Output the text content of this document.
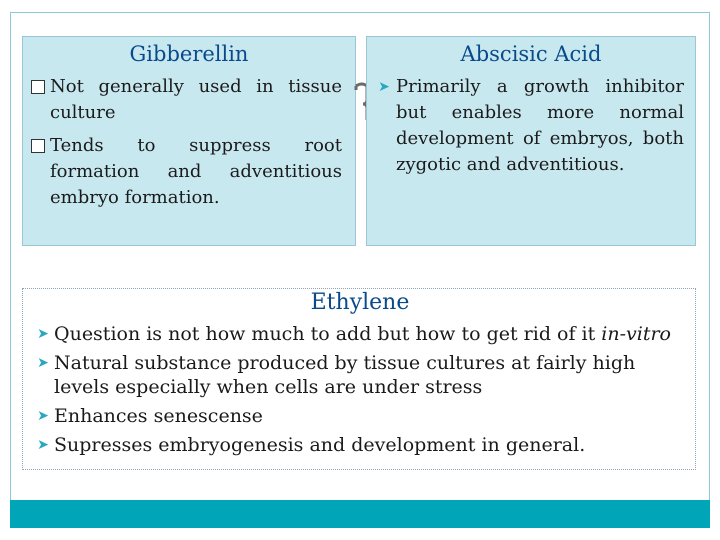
Gibberellin
Not generally used in tissue culture
Tends to suppress root formation and adventitious embryo formation.
Abscisic Acid
➤ Primarily a growth inhibitor but enables more normal development of embryos, both zygotic and adventitious.
Ethylene
➤ Question is not how much to add but how to get rid of it in-vitro
➤ Natural substance produced by tissue cultures at fairly high levels especially when cells are under stress
➤ Enhances senescense
➤ Supresses embryogenesis and development in general.
